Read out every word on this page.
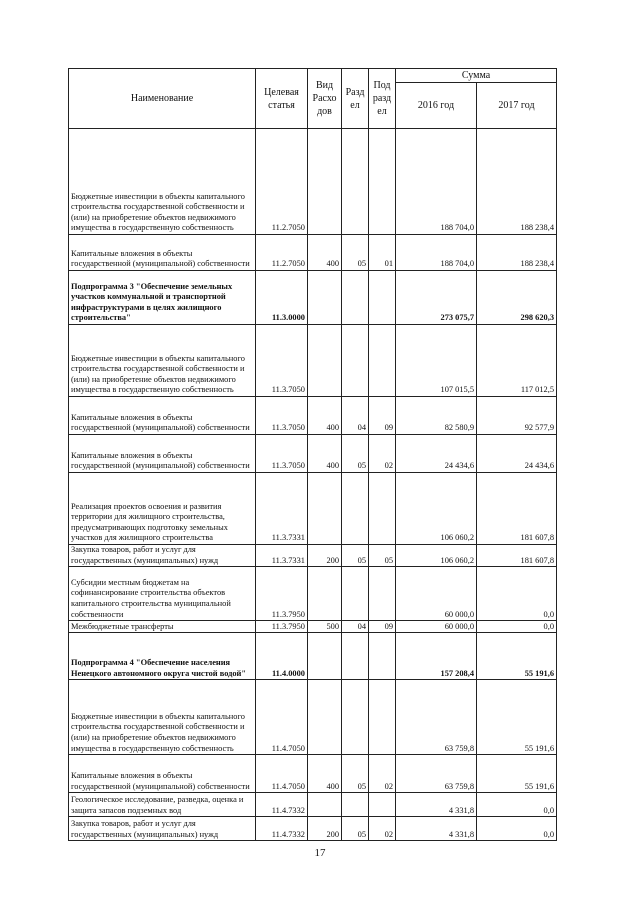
Наименование	Целевая статья	Вид Расхо дов	Разд ел	Под разд ел	Сумма	
					2016 год	2017 год
Бюджетные инвестиции в объекты капитального строительства государственной собственности и (или) на приобретение объектов недвижимого имущества в государственную собственность	11.2.7050				188 704,0	188 238,4
Капитальные вложения в объекты государственной (муниципальной) собственности	11.2.7050	400	05	01	188 704,0	188 238,4
Подпрограмма 3 "Обеспечение земельных участков коммунальной и транспортной инфраструктурами в целях жилищного строительства"	11.3.0000				273 075,7	298 620,3
Бюджетные инвестиции в объекты капитального строительства государственной собственности и (или) на приобретение объектов недвижимого имущества в государственную собственность	11.3.7050				107 015,5	117 012,5
Капитальные вложения в объекты государственной (муниципальной) собственности	11.3.7050	400	04	09	82 580,9	92 577,9
Капитальные вложения в объекты государственной (муниципальной) собственности	11.3.7050	400	05	02	24 434,6	24 434,6
Реализация проектов освоения и развития территории для жилищного строительства, предусматривающих подготовку земельных участков для жилищного строительства	11.3.7331				106 060,2	181 607,8
Закупка товаров, работ и услуг для государственных (муниципальных) нужд	11.3.7331	200	05	05	106 060,2	181 607,8
Субсидии местным бюджетам на софинансирование строительства объектов капитального строительства муниципальной собственности	11.3.7950				60 000,0	0,0
Межбюджетные трансферты	11.3.7950	500	04	09	60 000,0	0,0
Подпрограмма 4 "Обеспечение населения Ненецкого автономного округа чистой водой"	11.4.0000				157 208,4	55 191,6
Бюджетные инвестиции в объекты капитального строительства государственной собственности и (или) на приобретение объектов недвижимого имущества в государственную собственность	11.4.7050				63 759,8	55 191,6
Капитальные вложения в объекты государственной (муниципальной) собственности	11.4.7050	400	05	02	63 759,8	55 191,6
Геологическое исследование, разведка, оценка и защита запасов подземных вод	11.4.7332				4 331,8	0,0
Закупка товаров, работ и услуг для государственных (муниципальных) нужд	11.4.7332	200	05	02	4 331,8	0,0
17
